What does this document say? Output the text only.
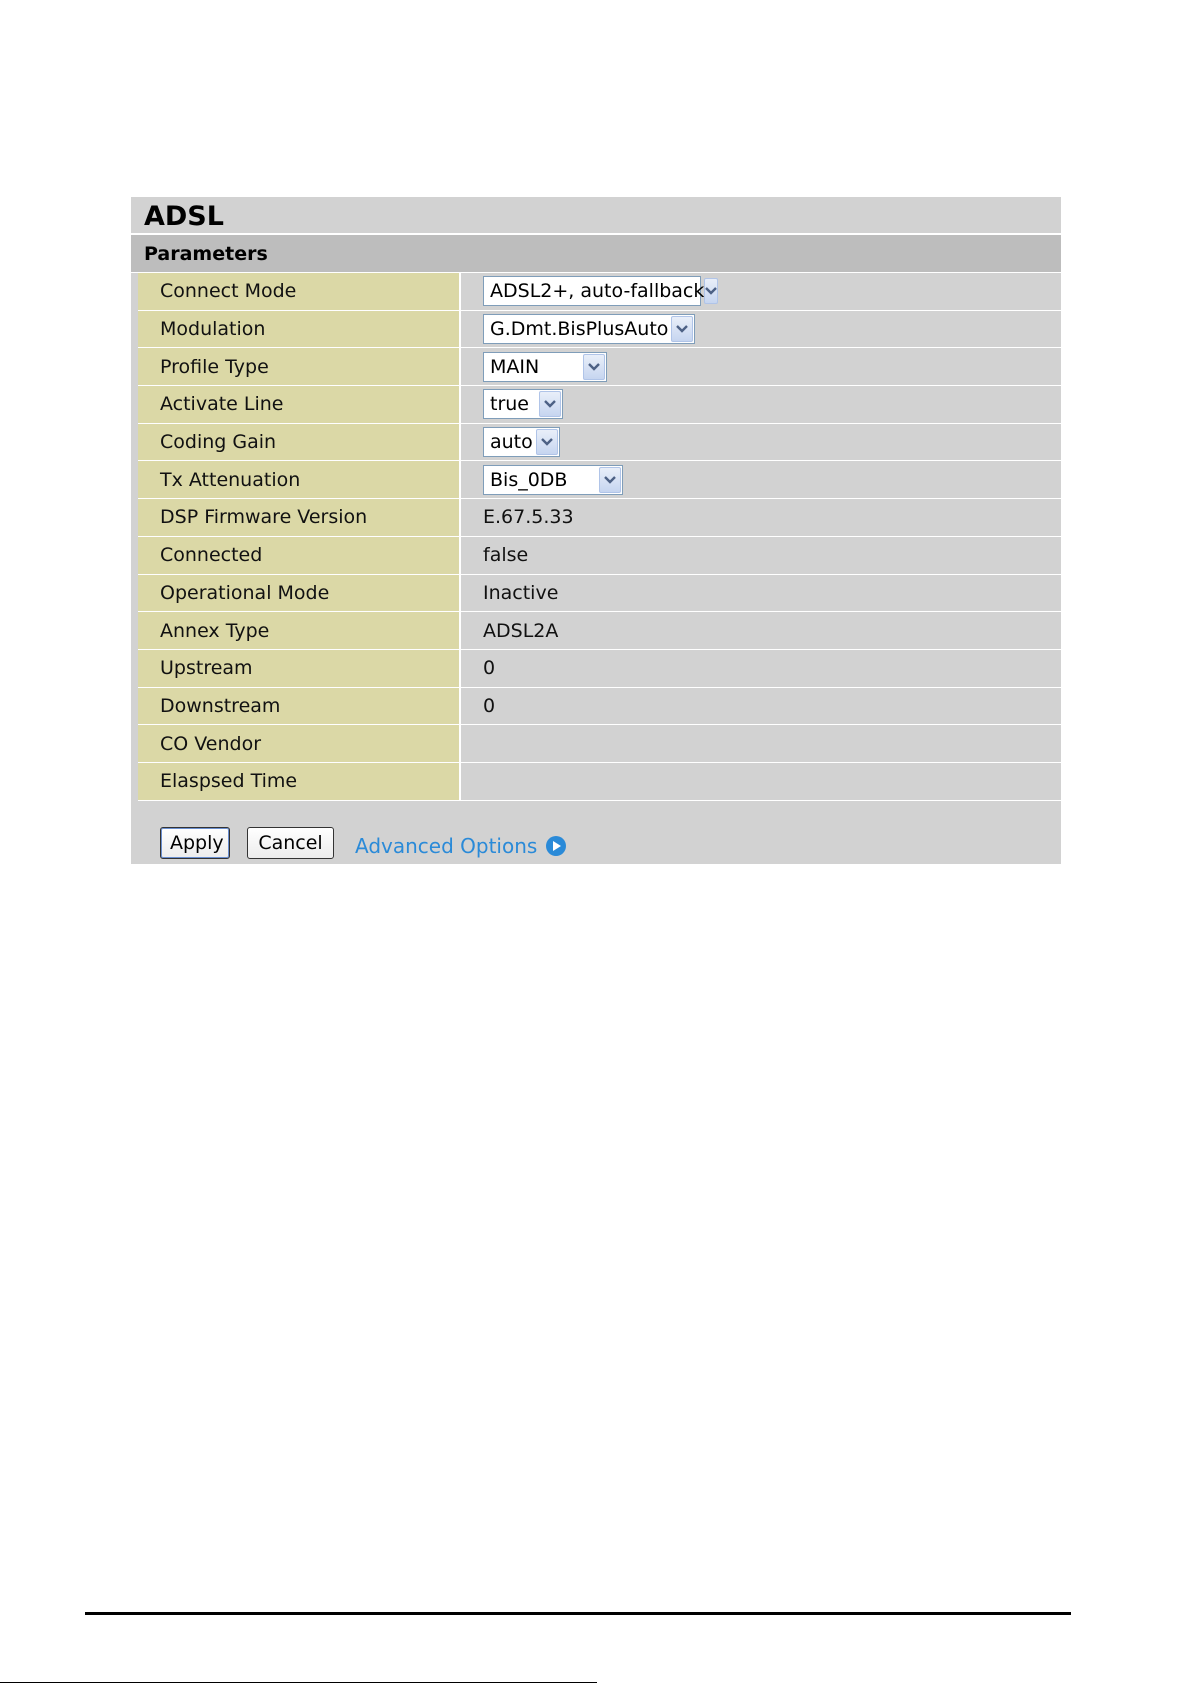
ADSL
Parameters
Connect Mode	ADSL2+, auto-fallback
Modulation	G.Dmt.BisPlusAuto
Profile Type	MAIN
Activate Line	true
Coding Gain	auto
Tx Attenuation	Bis_0DB
DSP Firmware Version	E.67.5.33
Connected	false
Operational Mode	Inactive
Annex Type	ADSL2A
Upstream	0
Downstream	0
CO Vendor
Elaspsed Time
Apply	Cancel	Advanced Options
